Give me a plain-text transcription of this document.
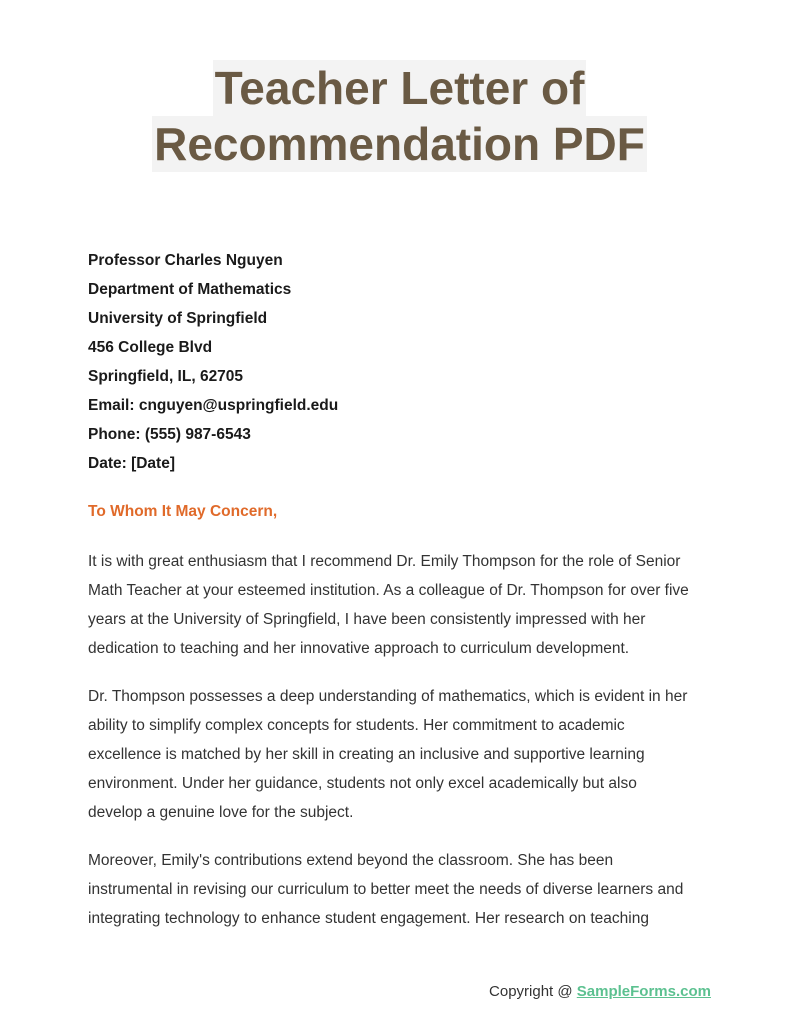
Teacher Letter of
Recommendation PDF
Professor Charles Nguyen
Department of Mathematics
University of Springfield
456 College Blvd
Springfield, IL, 62705
Email: cnguyen@uspringfield.edu
Phone: (555) 987-6543
Date: [Date]
To Whom It May Concern,
It is with great enthusiasm that I recommend Dr. Emily Thompson for the role of Senior
Math Teacher at your esteemed institution. As a colleague of Dr. Thompson for over five
years at the University of Springfield, I have been consistently impressed with her
dedication to teaching and her innovative approach to curriculum development.
Dr. Thompson possesses a deep understanding of mathematics, which is evident in her
ability to simplify complex concepts for students. Her commitment to academic
excellence is matched by her skill in creating an inclusive and supportive learning
environment. Under her guidance, students not only excel academically but also
develop a genuine love for the subject.
Moreover, Emily's contributions extend beyond the classroom. She has been
instrumental in revising our curriculum to better meet the needs of diverse learners and
integrating technology to enhance student engagement. Her research on teaching
Copyright @ SampleForms.com
